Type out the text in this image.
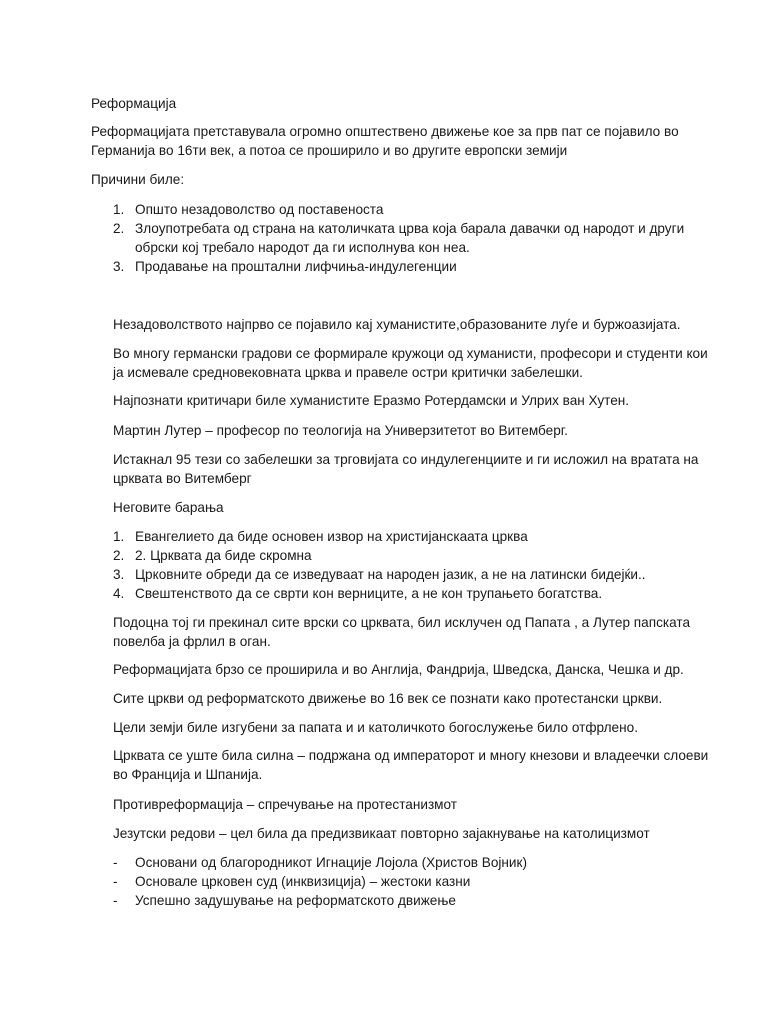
Реформација
Реформацијата претставувала огромно општествено движење кое за прв пат се појавило во
Германија во 16ти век, а потоа се проширило и во другите европски земији
Причини биле:
1. Општо незадоволство од поставеноста
2. Злоупотребата од страна на католичката црва која барала давачки од народот и други
обрски кој требало народот да ги исполнува кон неа.
3. Продавање на прошталн‌и лифчиња-индулегенции
Незадоволството најпрво се појавило кај хуманистите,образованите луѓе и буржоазијата.
Во многу германски градови се формирале кружоци од хуманисти, професори и студенти кои
ја исмевале средновековната црква и правеле остри критички забелешки.
Најпознати критичари биле хуманистите Еразмо Ротердамски и Улрих ван Хутен.
Мартин Лутер – професор по теологија на Универзитетот во Витемберг.
Истакнал 95 тези со забелешки за трговијата со индулегенциите и ги исложил на вратата на
црквата во Витемберг
Неговите барања
1. Евангелието да биде основен извор на христијанскаата црква
2. 2. Црквата да биде скромна
3. Црковните обреди да се изведуваат на народен јазик, а не на латински бидејќи..
4. Свештенството да се сврти кон верниците, а не кон трупањето богатства.
Подоцна тој ги прекинал сите врски со црквата, бил исклучен од Папата , а Лутер папската
повелба ја фрлил в оган.
Реформацијата брзо се проширила и во Англија, Фандрија, Шведска, Данска, Чешка и др.
Сите цркви од реформатското движење во 16 век се познати како протестански цркви.
Цели земји биле изгубени за папата и и католичкото богослужење било отфрлено.
Црквата се уште била силна – подржана од императорот и многу кнезови и владеечки слоеви
во Франција и Шпанија.
Противреформација – спречување на протестанизмот
Језутски редови – цел била да предизвикаат повторно зајакнување на католицизмот
- Основани од благородникот Игнације Лојола (Христов Војник)
- Основале црковен суд (инквизиција) – жестоки казни
- Успешно задушување на реформатското движење
